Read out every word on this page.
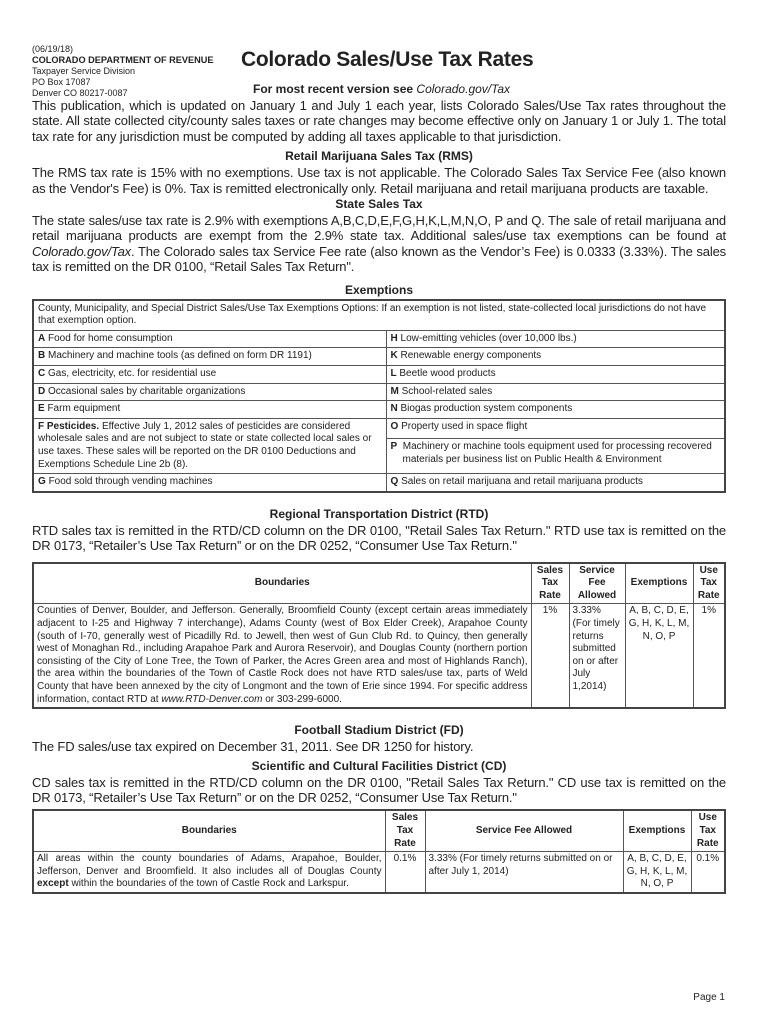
(06/19/18)
COLORADO DEPARTMENT OF REVENUE
Taxpayer Service Division
PO Box 17087
Denver CO 80217-0087
Colorado Sales/Use Tax Rates
For most recent version see Colorado.gov/Tax

This publication, which is updated on January 1 and July 1 each year, lists Colorado Sales/Use Tax rates throughout the state. All state collected city/county sales taxes or rate changes may become effective only on January 1 or July 1. The total tax rate for any jurisdiction must be computed by adding all taxes applicable to that jurisdiction.

Retail Marijuana Sales Tax (RMS)

The RMS tax rate is 15% with no exemptions. Use tax is not applicable. The Colorado Sales Tax Service Fee (also known as the Vendor's Fee) is 0%. Tax is remitted electronically only. Retail marijuana and retail marijuana products are taxable.

State Sales Tax

The state sales/use tax rate is 2.9% with exemptions A,B,C,D,E,F,G,H,K,L,M,N,O, P and Q. The sale of retail marijuana and retail marijuana products are exempt from the 2.9% state tax. Additional sales/use tax exemptions can be found at Colorado.gov/Tax. The Colorado sales tax Service Fee rate (also known as the Vendor’s Fee) is 0.0333 (3.33%). The sales tax is remitted on the DR 0100, “Retail Sales Tax Return".

Exemptions
County, Municipality, and Special District Sales/Use Tax Exemptions Options: If an exemption is not listed, state-collected local jurisdictions do not have that exemption option.	
A Food for home consumption	H Low-emitting vehicles (over 10,000 lbs.)
B Machinery and machine tools (as defined on form DR 1191)	K Renewable energy components
C Gas, electricity, etc. for residential use	L Beetle wood products
D Occasional sales by charitable organizations	M School-related sales
E Farm equipment	N Biogas production system components
F Pesticides. Effective July 1, 2012 sales of pesticides are considered wholesale sales and are not subject to state or state collected local sales or use taxes. These sales will be reported on the DR 0100 Deductions and Exemptions Schedule Line 2b (8).	O Property used in space flight
	P Machinery or machine tools equipment used for processing recovered materials per business list on Public Health & Environment
G Food sold through vending machines	Q Sales on retail marijuana and retail marijuana products
Regional Transportation District (RTD)

RTD sales tax is remitted in the RTD/CD column on the DR 0100, "Retail Sales Tax Return." RTD use tax is remitted on the DR 0173, “Retailer’s Use Tax Return” or on the DR 0252, “Consumer Use Tax Return."

Boundaries	Sales Tax Rate	Service Fee Allowed	Exemptions	Use Tax Rate
Counties of Denver, Boulder, and Jefferson. Generally, Broomfield County (except certain areas immediately adjacent to I-25 and Highway 7 interchange), Adams County (west of Box Elder Creek), Arapahoe County (south of I-70, generally west of Picadilly Rd. to Jewell, then west of Gun Club Rd. to Quincy, then generally west of Monaghan Rd., including Arapahoe Park and Aurora Reservoir), and Douglas County (northern portion consisting of the City of Lone Tree, the Town of Parker, the Acres Green area and most of Highlands Ranch), the area within the boundaries of the Town of Castle Rock does not have RTD sales/use tax, parts of Weld County that have been annexed by the city of Longmont and the town of Erie since 1994. For specific address information, contact RTD at www.RTD-Denver.com or 303-299-6000.	1%	3.33% (For timely returns submitted on or after July 1,2014)	A, B, C, D, E, G, H, K, L, M, N, O, P	1%
Football Stadium District (FD)

The FD sales/use tax expired on December 31, 2011. See DR 1250 for history.

Scientific and Cultural Facilities District (CD)

CD sales tax is remitted in the RTD/CD column on the DR 0100, "Retail Sales Tax Return." CD use tax is remitted on the DR 0173, “Retailer’s Use Tax Return” or on the DR 0252, “Consumer Use Tax Return."

Boundaries	Sales Tax Rate	Service Fee Allowed	Exemptions	Use Tax Rate
All areas within the county boundaries of Adams, Arapahoe, Boulder, Jefferson, Denver and Broomfield. It also includes all of Douglas County except within the boundaries of the town of Castle Rock and Larkspur.	0.1%	3.33% (For timely returns submitted on or after July 1, 2014)	A, B, C, D, E, G, H, K, L, M, N, O, P	0.1%
Page 1
